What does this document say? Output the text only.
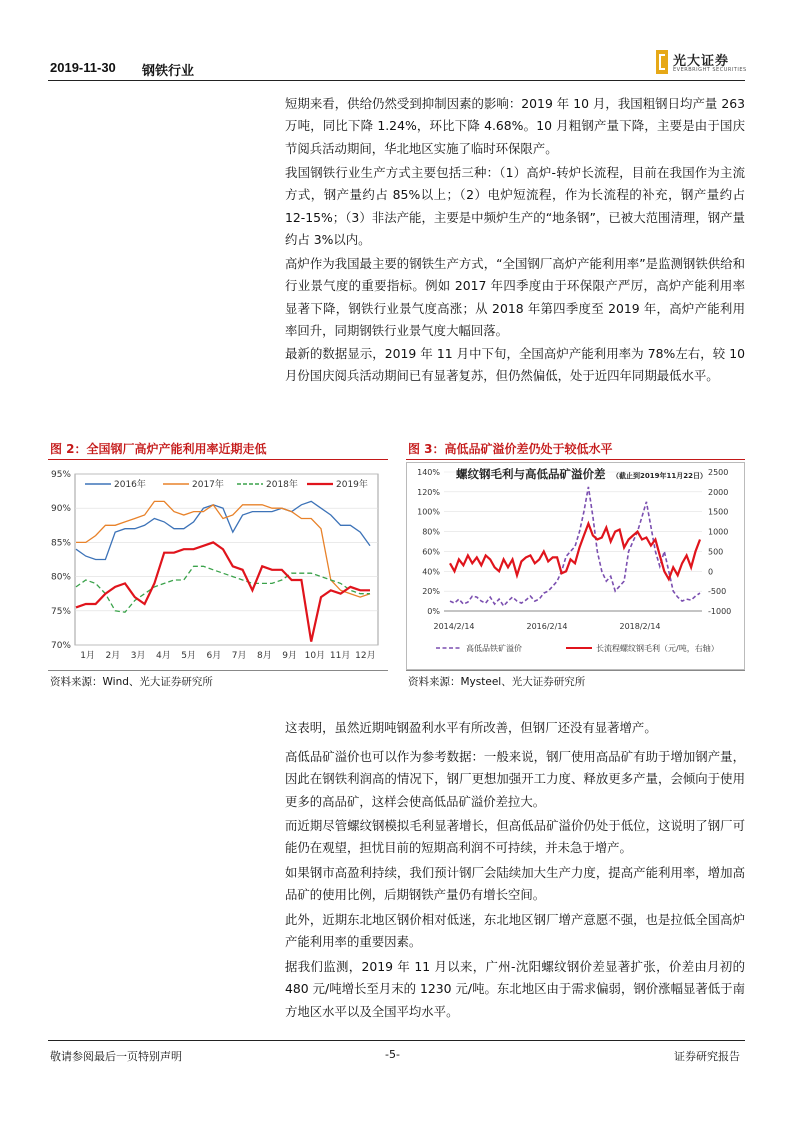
2019-11-30 钢铁行业
光大证券
EVERBRIGHT SECURITIES

短期来看，供给仍然受到抑制因素的影响：2019 年 10 月，我国粗钢日均产量 263 万吨，同比下降 1.24%，环比下降 4.68%。10 月粗钢产量下降，主要是由于国庆节阅兵活动期间，华北地区实施了临时环保限产。

我国钢铁行业生产方式主要包括三种：（1）高炉-转炉长流程，目前在我国作为主流方式，钢产量约占 85%以上；（2）电炉短流程，作为长流程的补充，钢产量约占 12-15%；（3）非法产能，主要是中频炉生产的“地条钢”，已被大范围清理，钢产量约占 3%以内。

高炉作为我国最主要的钢铁生产方式，“全国钢厂高炉产能利用率”是监测钢铁供给和行业景气度的重要指标。例如 2017 年四季度由于环保限产严厉，高炉产能利用率显著下降，钢铁行业景气度高涨；从 2018 年第四季度至 2019 年，高炉产能利用率回升，同期钢铁行业景气度大幅回落。

最新的数据显示，2019 年 11 月中下旬，全国高炉产能利用率为 78%左右，较 10 月份国庆阅兵活动期间已有显著复苏，但仍然偏低，处于近四年同期最低水平。

图 2：全国钢厂高炉产能利用率近期走低
70%
75%
80%
85%
90%
95%
1月 2月 3月 4月 5月 6月 7月 8月 9月 10月 11月 12月
2016年	2017年	2018年	2019年
资料来源：Wind、光大证券研究所
图 3：高低品矿溢价差仍处于较低水平
0%
20%
40%
60%
80%
100%
120%
140%
-1000
-500
0
500
1000
1500
2000
2500
2014/2/14	2016/2/14	2018/2/14
螺纹钢毛利与高低品矿溢价差 （截止到2019年11月22日）
高低品铁矿溢价	长流程螺纹钢毛利（元/吨，右轴）
资料来源：Mysteel、光大证券研究所

这表明，虽然近期吨钢盈利水平有所改善，但钢厂还没有显著增产。

高低品矿溢价也可以作为参考数据：一般来说，钢厂使用高品矿有助于增加钢产量，因此在钢铁利润高的情况下，钢厂更想加强开工力度、释放更多产量，会倾向于使用更多的高品矿，这样会使高低品矿溢价差拉大。

而近期尽管螺纹钢模拟毛利显著增长，但高低品矿溢价仍处于低位，这说明了钢厂可能仍在观望，担忧目前的短期高利润不可持续，并未急于增产。

如果钢市高盈利持续，我们预计钢厂会陆续加大生产力度，提高产能利用率，增加高品矿的使用比例，后期钢铁产量仍有增长空间。

此外，近期东北地区钢价相对低迷，东北地区钢厂增产意愿不强，也是拉低全国高炉产能利用率的重要因素。

据我们监测，2019 年 11 月以来，广州-沈阳螺纹钢价差显著扩张，价差由月初的 480 元/吨增长至月末的 1230 元/吨。东北地区由于需求偏弱，钢价涨幅显著低于南方地区水平以及全国平均水平。

敬请参阅最后一页特别声明	-5-	证券研究报告
